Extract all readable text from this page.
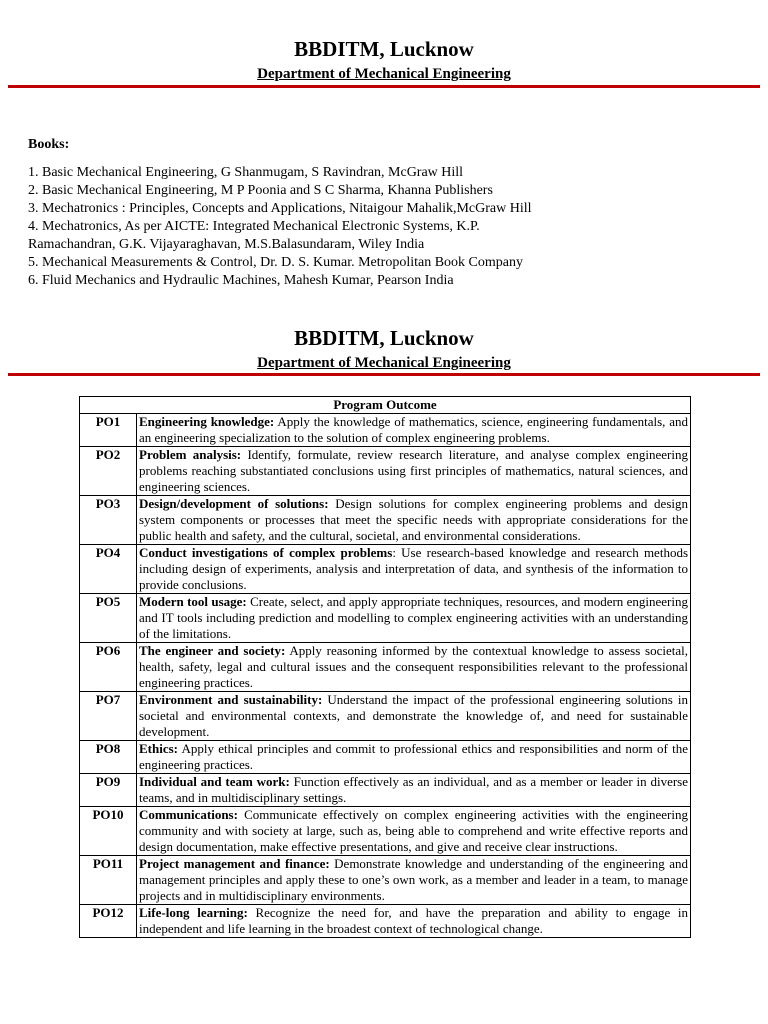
BBDITM, Lucknow
Department of Mechanical Engineering
Books:
1. Basic Mechanical Engineering, G Shanmugam, S Ravindran, McGraw Hill
2. Basic Mechanical Engineering, M P Poonia and S C Sharma, Khanna Publishers
3. Mechatronics : Principles, Concepts and Applications, Nitaigour Mahalik,McGraw Hill
4. Mechatronics, As per AICTE: Integrated Mechanical Electronic Systems, K.P.
Ramachandran, G.K. Vijayaraghavan, M.S.Balasundaram, Wiley India
5. Mechanical Measurements & Control, Dr. D. S. Kumar. Metropolitan Book Company
6. Fluid Mechanics and Hydraulic Machines, Mahesh Kumar, Pearson India
BBDITM, Lucknow
Department of Mechanical Engineering
Program Outcome	
PO1	Engineering knowledge: Apply the knowledge of mathematics, science, engineering fundamentals, and an engineering specialization to the solution of complex engineering problems.
PO2	Problem analysis: Identify, formulate, review research literature, and analyse complex engineering problems reaching substantiated conclusions using first principles of mathematics, natural sciences, and engineering sciences.
PO3	Design/development of solutions: Design solutions for complex engineering problems and design system components or processes that meet the specific needs with appropriate considerations for the public health and safety, and the cultural, societal, and environmental considerations.
PO4	Conduct investigations of complex problems: Use research-based knowledge and research methods including design of experiments, analysis and interpretation of data, and synthesis of the information to provide conclusions.
PO5	Modern tool usage: Create, select, and apply appropriate techniques, resources, and modern engineering and IT tools including prediction and modelling to complex engineering activities with an understanding of the limitations.
PO6	The engineer and society: Apply reasoning informed by the contextual knowledge to assess societal, health, safety, legal and cultural issues and the consequent responsibilities relevant to the professional engineering practices.
PO7	Environment and sustainability: Understand the impact of the professional engineering solutions in societal and environmental contexts, and demonstrate the knowledge of, and need for sustainable development.
PO8	Ethics: Apply ethical principles and commit to professional ethics and responsibilities and norm of the engineering practices.
PO9	Individual and team work: Function effectively as an individual, and as a member or leader in diverse teams, and in multidisciplinary settings.
PO10	Communications: Communicate effectively on complex engineering activities with the engineering community and with society at large, such as, being able to comprehend and write effective reports and design documentation, make effective presentations, and give and receive clear instructions.
PO11	Project management and finance: Demonstrate knowledge and understanding of the engineering and management principles and apply these to one’s own work, as a member and leader in a team, to manage projects and in multidisciplinary environments.
PO12	Life-long learning: Recognize the need for, and have the preparation and ability to engage in independent and life learning in the broadest context of technological change.
